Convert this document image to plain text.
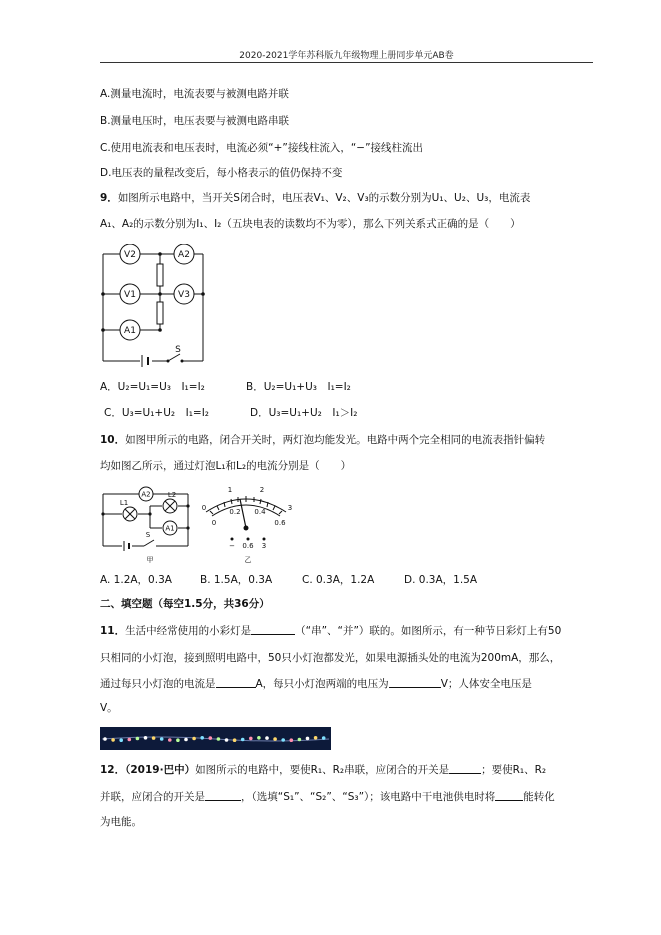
2020-2021学年苏科版九年级物理上册同步单元AB卷
A.测量电流时，电流表要与被测电路并联
B.测量电压时，电压表要与被测电路串联
C.使用电流表和电压表时，电流必须“+”接线柱流入，“−”接线柱流出
D.电压表的量程改变后，每小格表示的值仍保持不变
9．如图所示电路中，当开关S闭合时，电压表V₁、V₂、V₃的示数分别为U₁、U₂、U₃，电流表
A₁、A₂的示数分别为I₁、I₂（五块电表的读数均不为零），那么下列关系式正确的是（　　）
V2	A2
V1	V3
A1
S
A．U₂=U₁=U₃　I₁=I₂	B．U₂=U₁+U₃　I₁=I₂
C．U₃=U₁+U₂　I₁=I₂	D．U₃=U₁+U₂　I₁＞I₂
10．如图甲所示的电路，闭合开关时，两灯泡均能发光。电路中两个完全相同的电流表指针偏转
均如图乙所示，通过灯泡L₁和L₂的电流分别是（　　）
A2
L1
L2
A1
S
甲
0
1	2
3
0
0.2 0.4
0.6
− 0.6 3
乙
A. 1.2A，0.3A	B. 1.5A，0.3A	C. 0.3A，1.2A	D. 0.3A，1.5A
二、填空题（每空1.5分，共36分）
11．生活中经常使用的小彩灯是	（“串”、“并”）联的。如图所示，有一种节日彩灯上有50
只相同的小灯泡，接到照明电路中，50只小灯泡都发光，如果电源插头处的电流为200mA，那么，
通过每只小灯泡的电流是	A，每只小灯泡两端的电压为	V；人体安全电压是
V。
12．（2019·巴中）如图所示的电路中，要使R₁、R₂串联，应闭合的开关是	；要使R₁、R₂
并联，应闭合的开关是	，（选填“S₁”、“S₂”、“S₃”）；该电路中干电池供电时将	能转化
为电能。
